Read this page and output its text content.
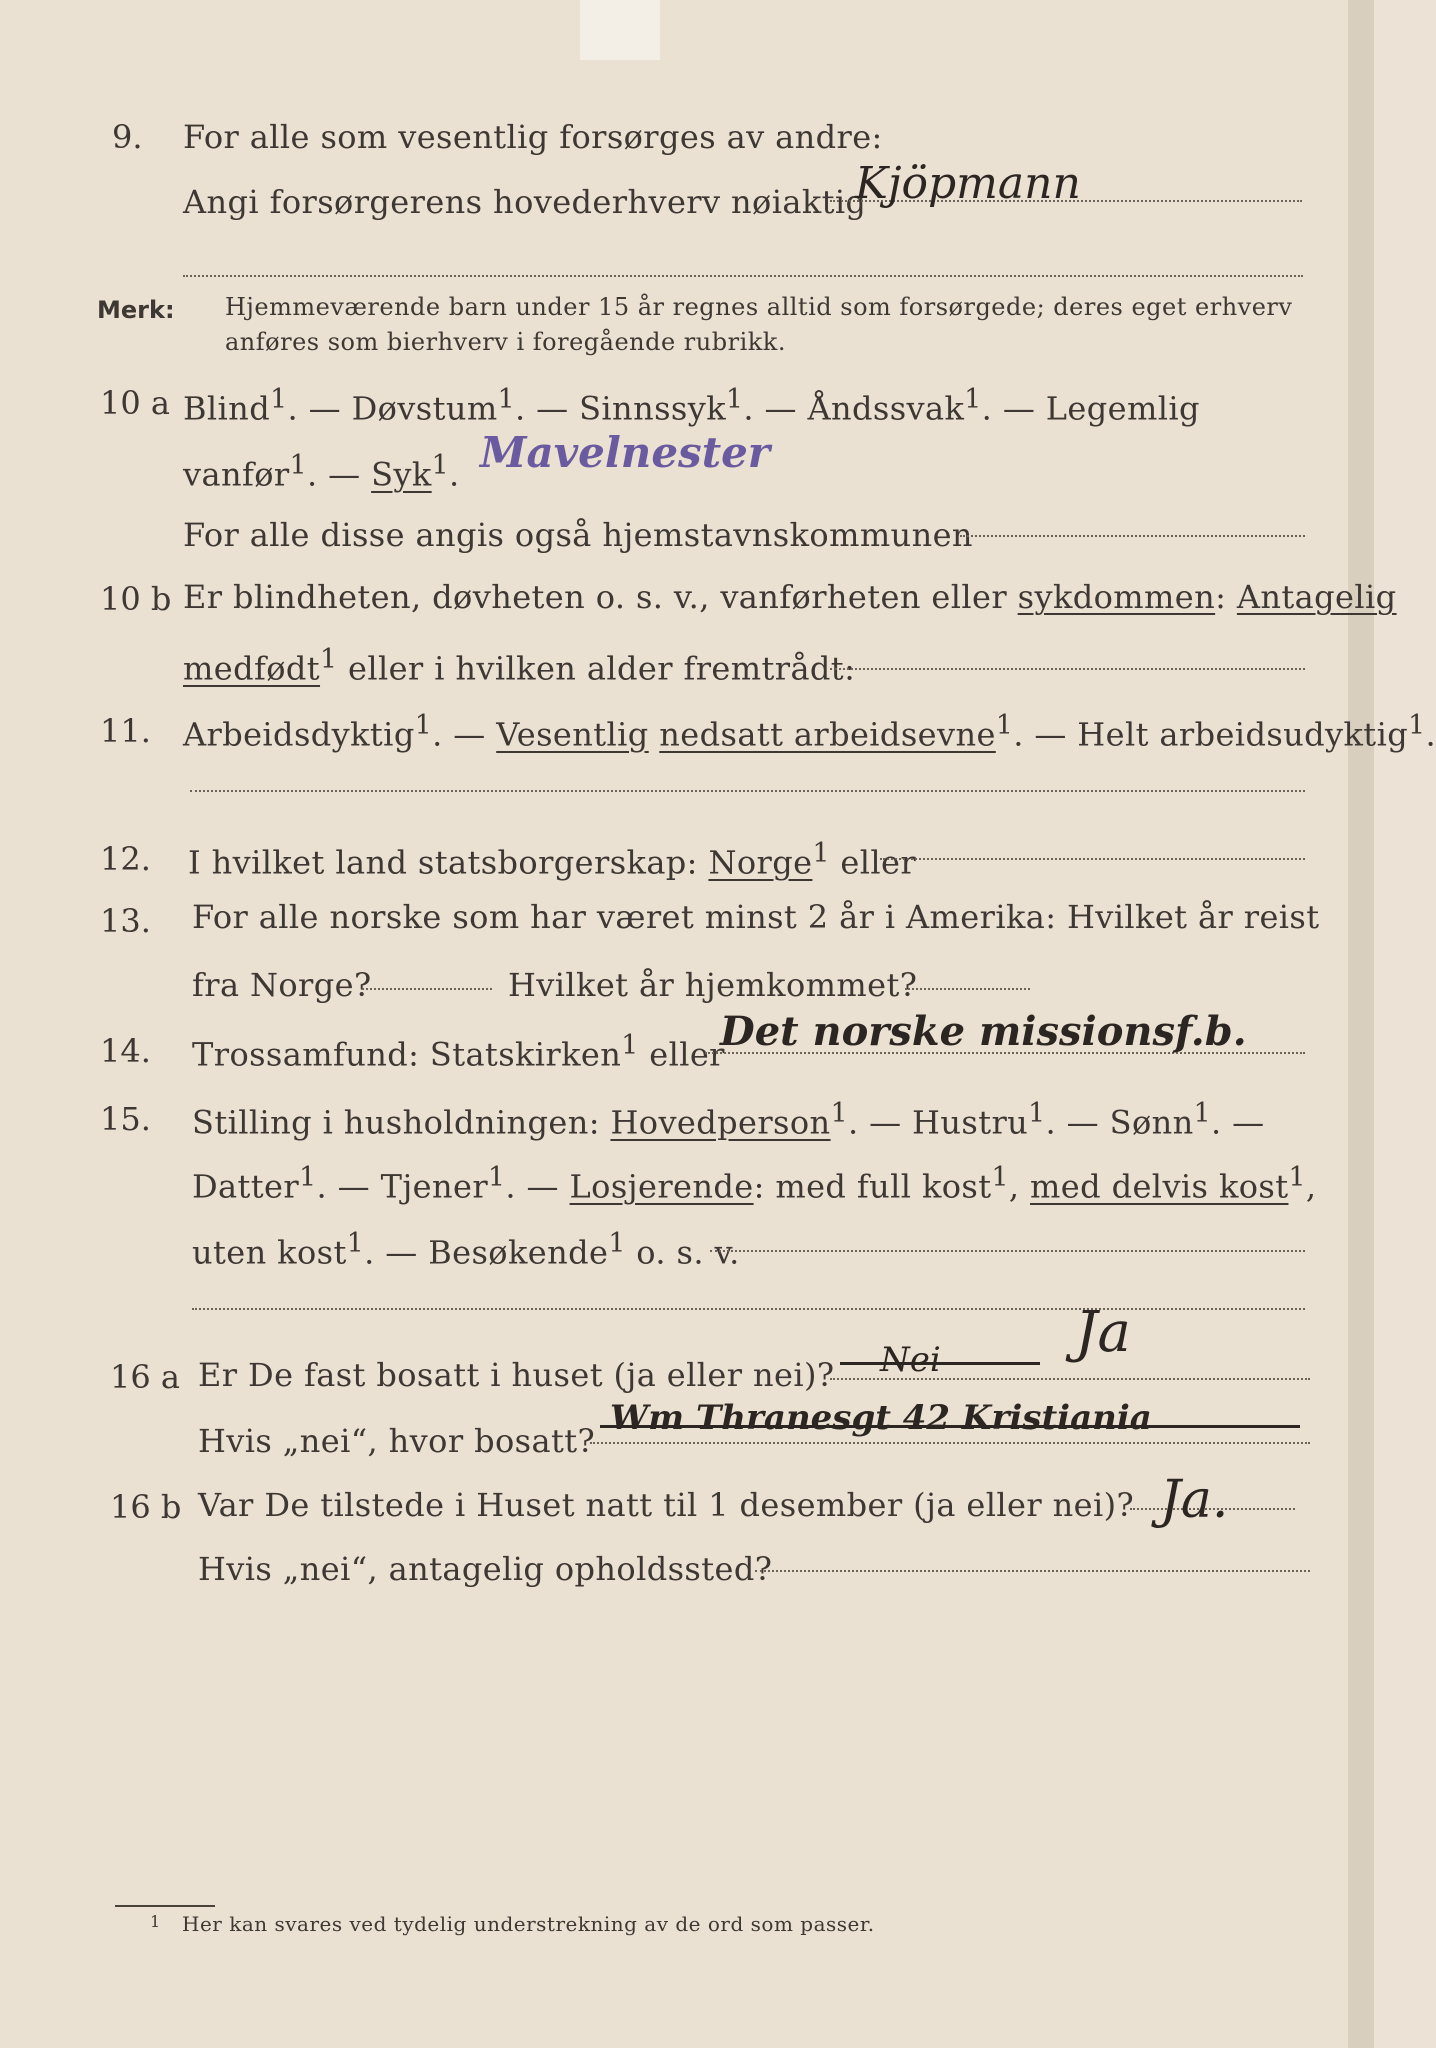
9. For alle som vesentlig forsørges av andre:
Angi forsørgerens hovederhverv nøiaktig
Kjöpmann
Merk: Hjemmeværende barn under 15 år regnes alltid som forsørgede; deres eget erhverv
anføres som bierhverv i foregående rubrikk.
10 a Blind$^1$. — Døvstum$^1$. — Sinnssyk$^1$. — Åndssvak$^1$. — Legemlig
vanfør$^1$. — Syk$^1$. Mavelnester
For alle disse angis også hjemstavnskommunen
10 b Er blindheten, døvheten o. s. v., vanførheten eller sykdommen: Antagelig
medfødt$^1$ eller i hvilken alder fremtrådt:
11. Arbeidsdyktig$^1$. — Vesentlig nedsatt arbeidsevne$^1$. — Helt arbeidsudyktig$^1$.
12. I hvilket land statsborgerskap: Norge$^1$ eller
13. For alle norske som har været minst 2 år i Amerika: Hvilket år reist
fra Norge?	Hvilket år hjemkommet?
14. Trossamfund: Statskirken$^1$ eller
Det norske missionsf.b.
15. Stilling i husholdningen: Hovedperson$^1$. — Hustru$^1$. — Sønn$^1$. —
Datter$^1$. — Tjener$^1$. — Losjerende: med full kost$^1$, med delvis kost$^1$,
uten kost$^1$. — Besøkende$^1$ o. s. v.
16 a Er De fast bosatt i huset (ja eller nei)? Nei Ja
Hvis „nei“, hvor bosatt?
Wm Thranesgt 42 Kristiania
16 b Var De tilstede i Huset natt til 1 desember (ja eller nei)? Ja.
Hvis „nei“, antagelig opholdssted?
1 Her kan svares ved tydelig understrekning av de ord som passer.
